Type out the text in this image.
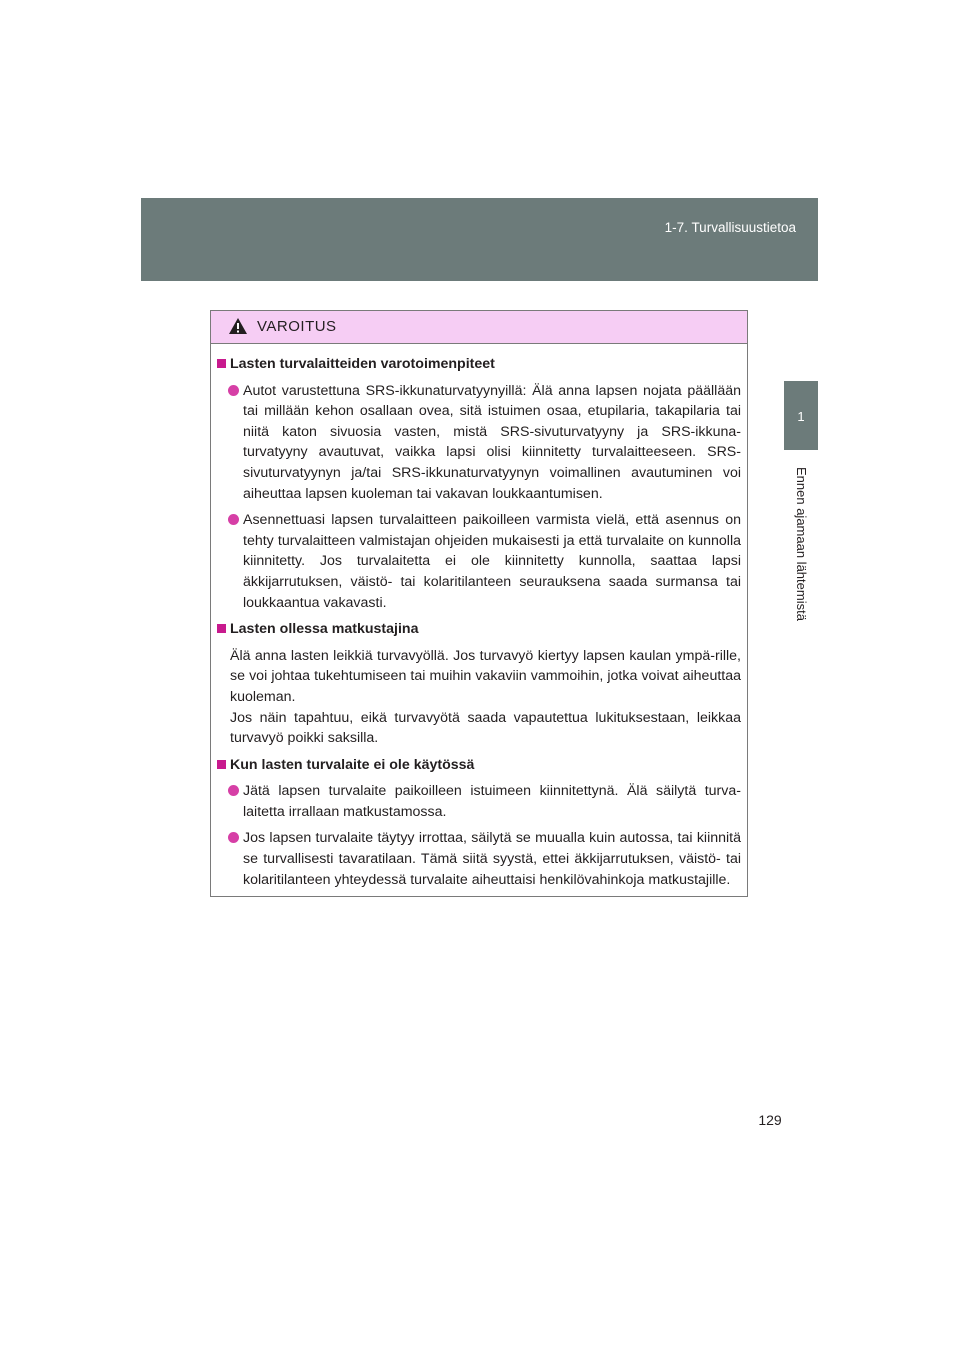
1-7. Turvallisuustietoa
1
Ennen ajamaan lähtemistä
VAROITUS
Lasten turvalaitteiden varotoimenpiteet
Autot varustettuna SRS-ikkunaturvatyynyillä: Älä anna lapsen nojata päällään tai millään kehon osallaan ovea, sitä istuimen osaa, etupilaria, takapilaria tai niitä katon sivuosia vasten, mistä SRS-sivuturvatyyny ja SRS-ikkuna-turvatyyny avautuvat, vaikka lapsi olisi kiinnitetty turvalaitteeseen. SRS-sivuturvatyynyn ja/tai SRS-ikkunaturvatyynyn voimallinen avautuminen voi aiheuttaa lapsen kuoleman tai vakavan loukkaantumisen.
Asennettuasi lapsen turvalaitteen paikoilleen varmista vielä, että asennus on tehty turvalaitteen valmistajan ohjeiden mukaisesti ja että turvalaite on kunnolla kiinnitetty. Jos turvalaitetta ei ole kiinnitetty kunnolla, saattaa lapsi äkkijarrutuksen, väistö- tai kolaritilanteen seurauksena saada surmansa tai loukkaantua vakavasti.
Lasten ollessa matkustajina
Älä anna lasten leikkiä turvavyöllä. Jos turvavyö kiertyy lapsen kaulan ympä-rille, se voi johtaa tukehtumiseen tai muihin vakaviin vammoihin, jotka voivat aiheuttaa kuoleman.
Jos näin tapahtuu, eikä turvavyötä saada vapautettua lukituksestaan, leikkaa turvavyö poikki saksilla.
Kun lasten turvalaite ei ole käytössä
Jätä lapsen turvalaite paikoilleen istuimeen kiinnitettynä. Älä säilytä turva-laitetta irrallaan matkustamossa.
Jos lapsen turvalaite täytyy irrottaa, säilytä se muualla kuin autossa, tai kiinnitä se turvallisesti tavaratilaan. Tämä siitä syystä, ettei äkkijarrutuksen, väistö- tai kolaritilanteen yhteydessä turvalaite aiheuttaisi henkilövahinkoja matkustajille.
129
